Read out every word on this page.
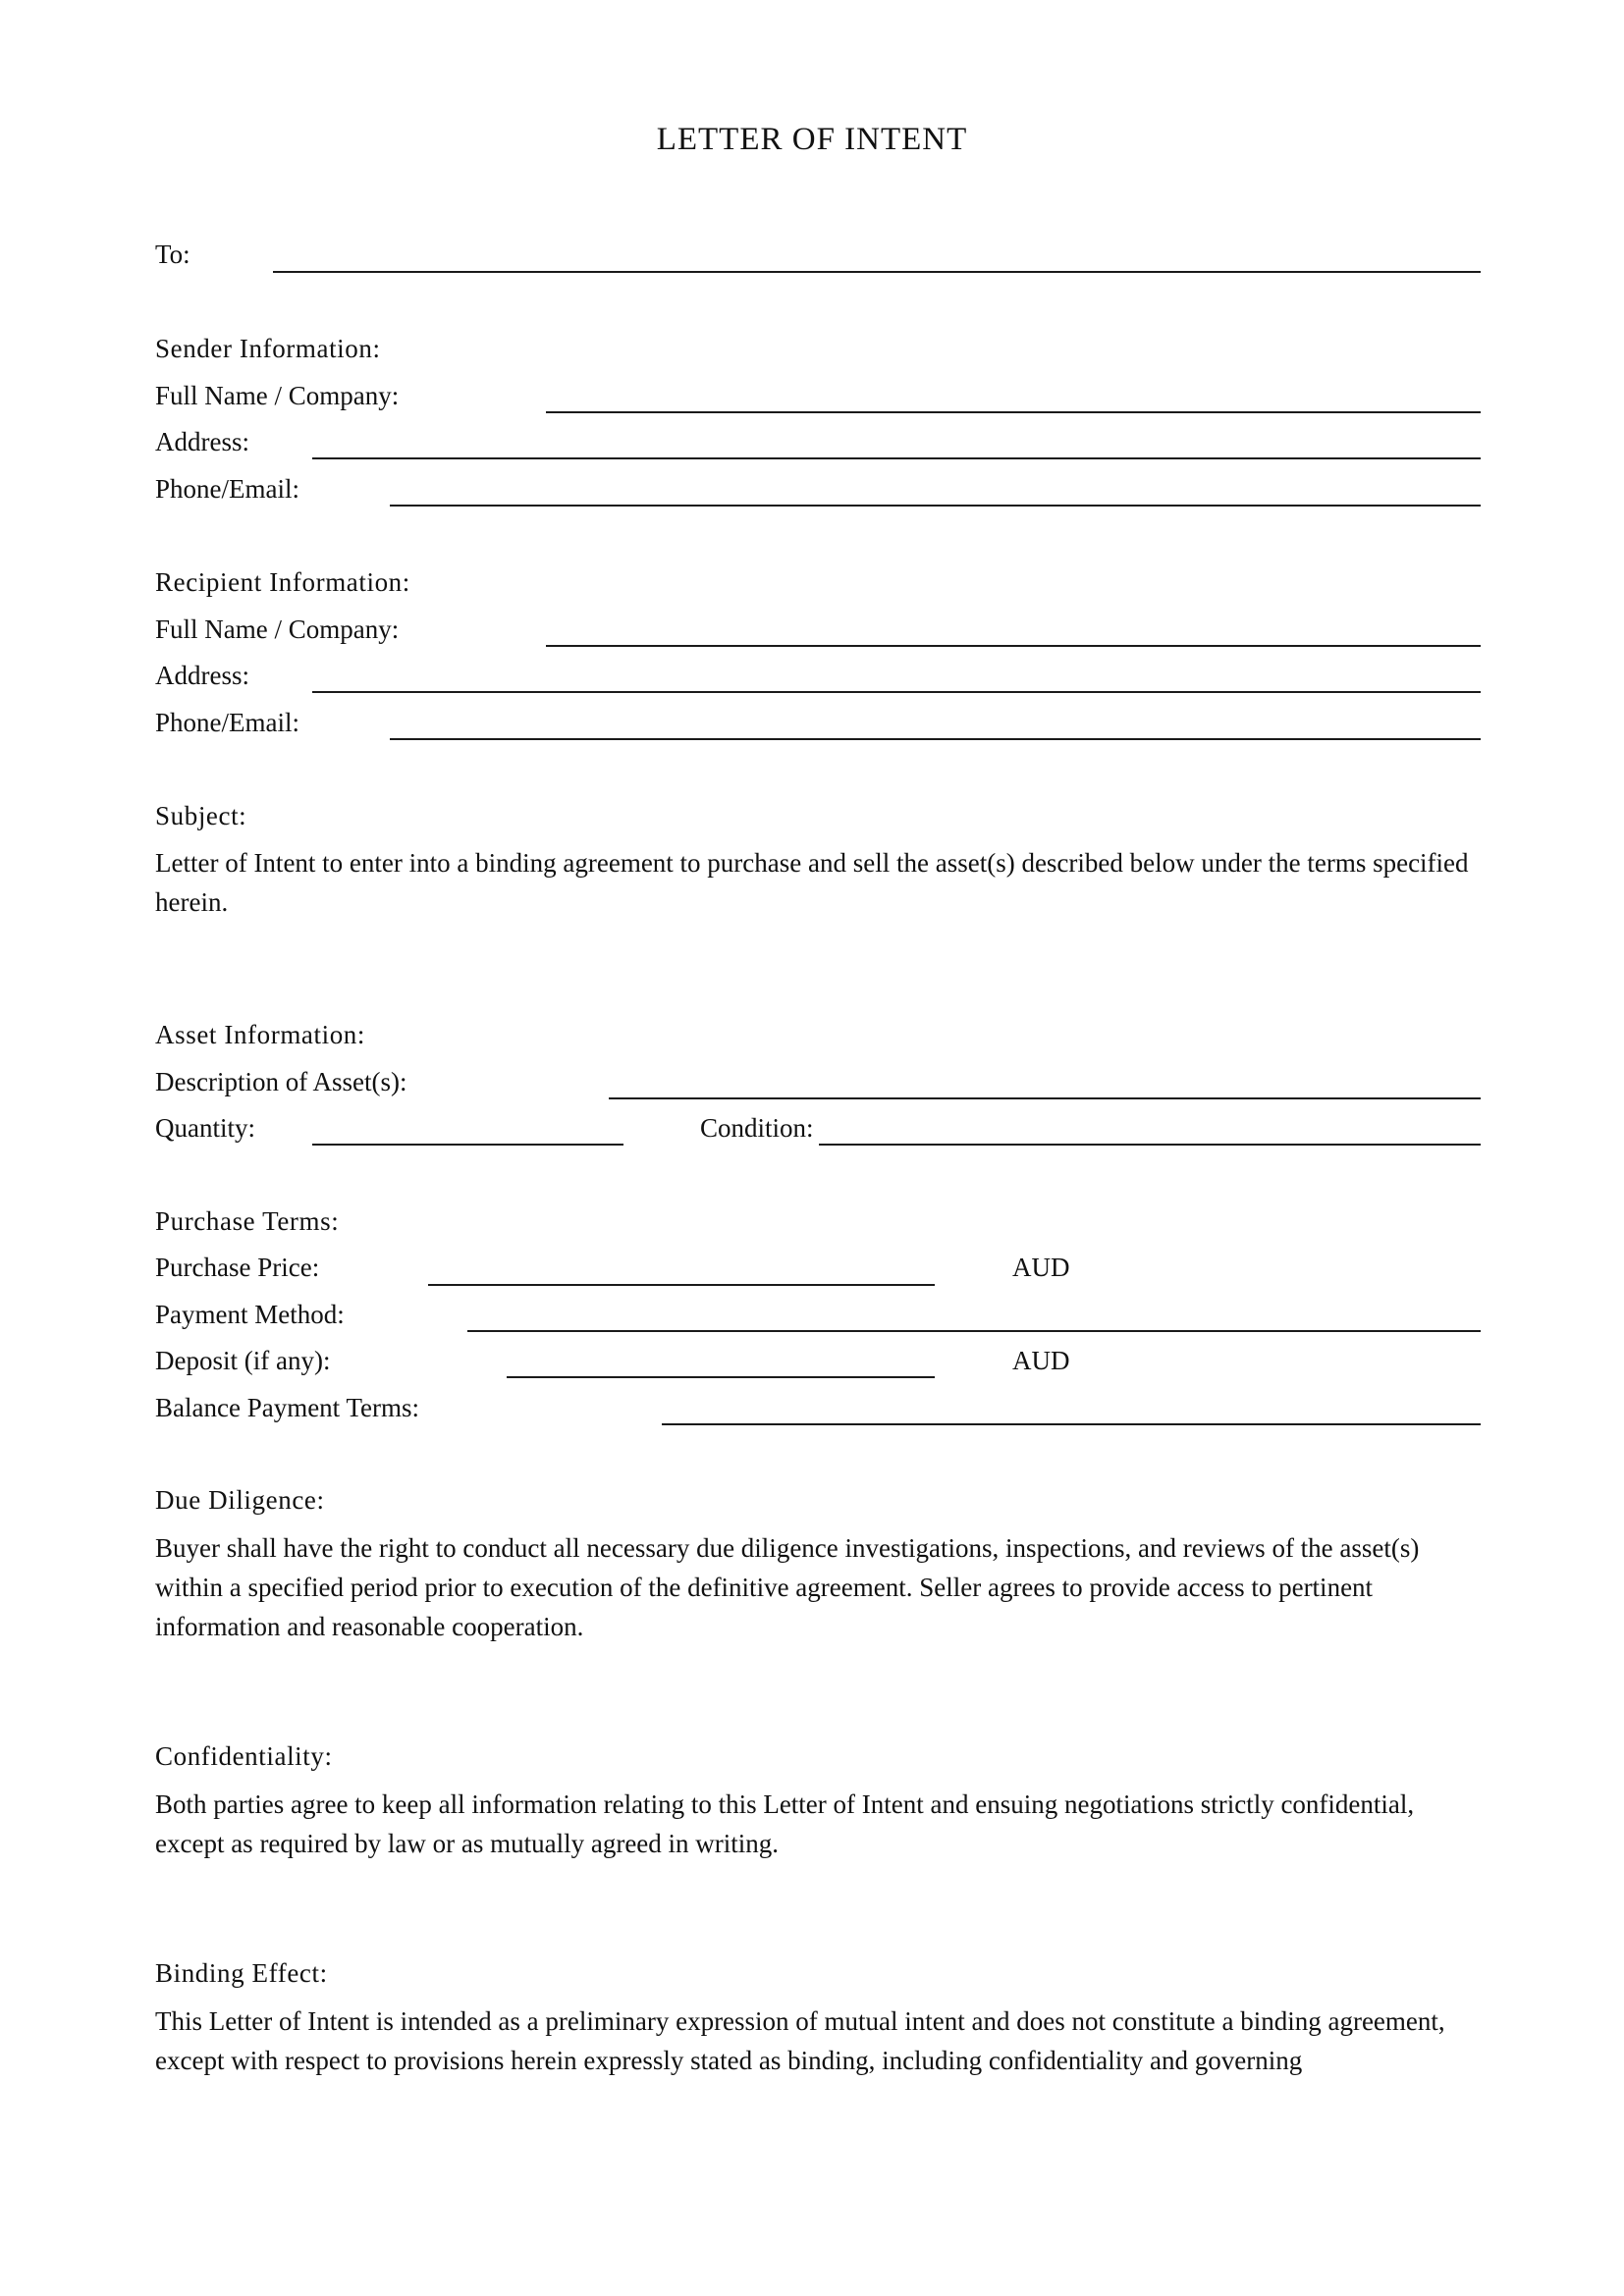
LETTER OF INTENT
To:
Sender Information:
Full Name / Company:
Address:
Phone/Email:
Recipient Information:
Full Name / Company:
Address:
Phone/Email:
Subject:
Letter of Intent to enter into a binding agreement to purchase and sell the asset(s) described below under the terms specified herein.
Asset Information:
Description of Asset(s):
Quantity:	Condition:
Purchase Terms:
Purchase Price:	AUD
Payment Method:
Deposit (if any):	AUD
Balance Payment Terms:
Due Diligence:
Buyer shall have the right to conduct all necessary due diligence investigations, inspections, and reviews of the asset(s) within a specified period prior to execution of the definitive agreement. Seller agrees to provide access to pertinent information and reasonable cooperation.
Confidentiality:
Both parties agree to keep all information relating to this Letter of Intent and ensuing negotiations strictly confidential, except as required by law or as mutually agreed in writing.
Binding Effect:
This Letter of Intent is intended as a preliminary expression of mutual intent and does not constitute a binding agreement, except with respect to provisions herein expressly stated as binding, including confidentiality and governing
